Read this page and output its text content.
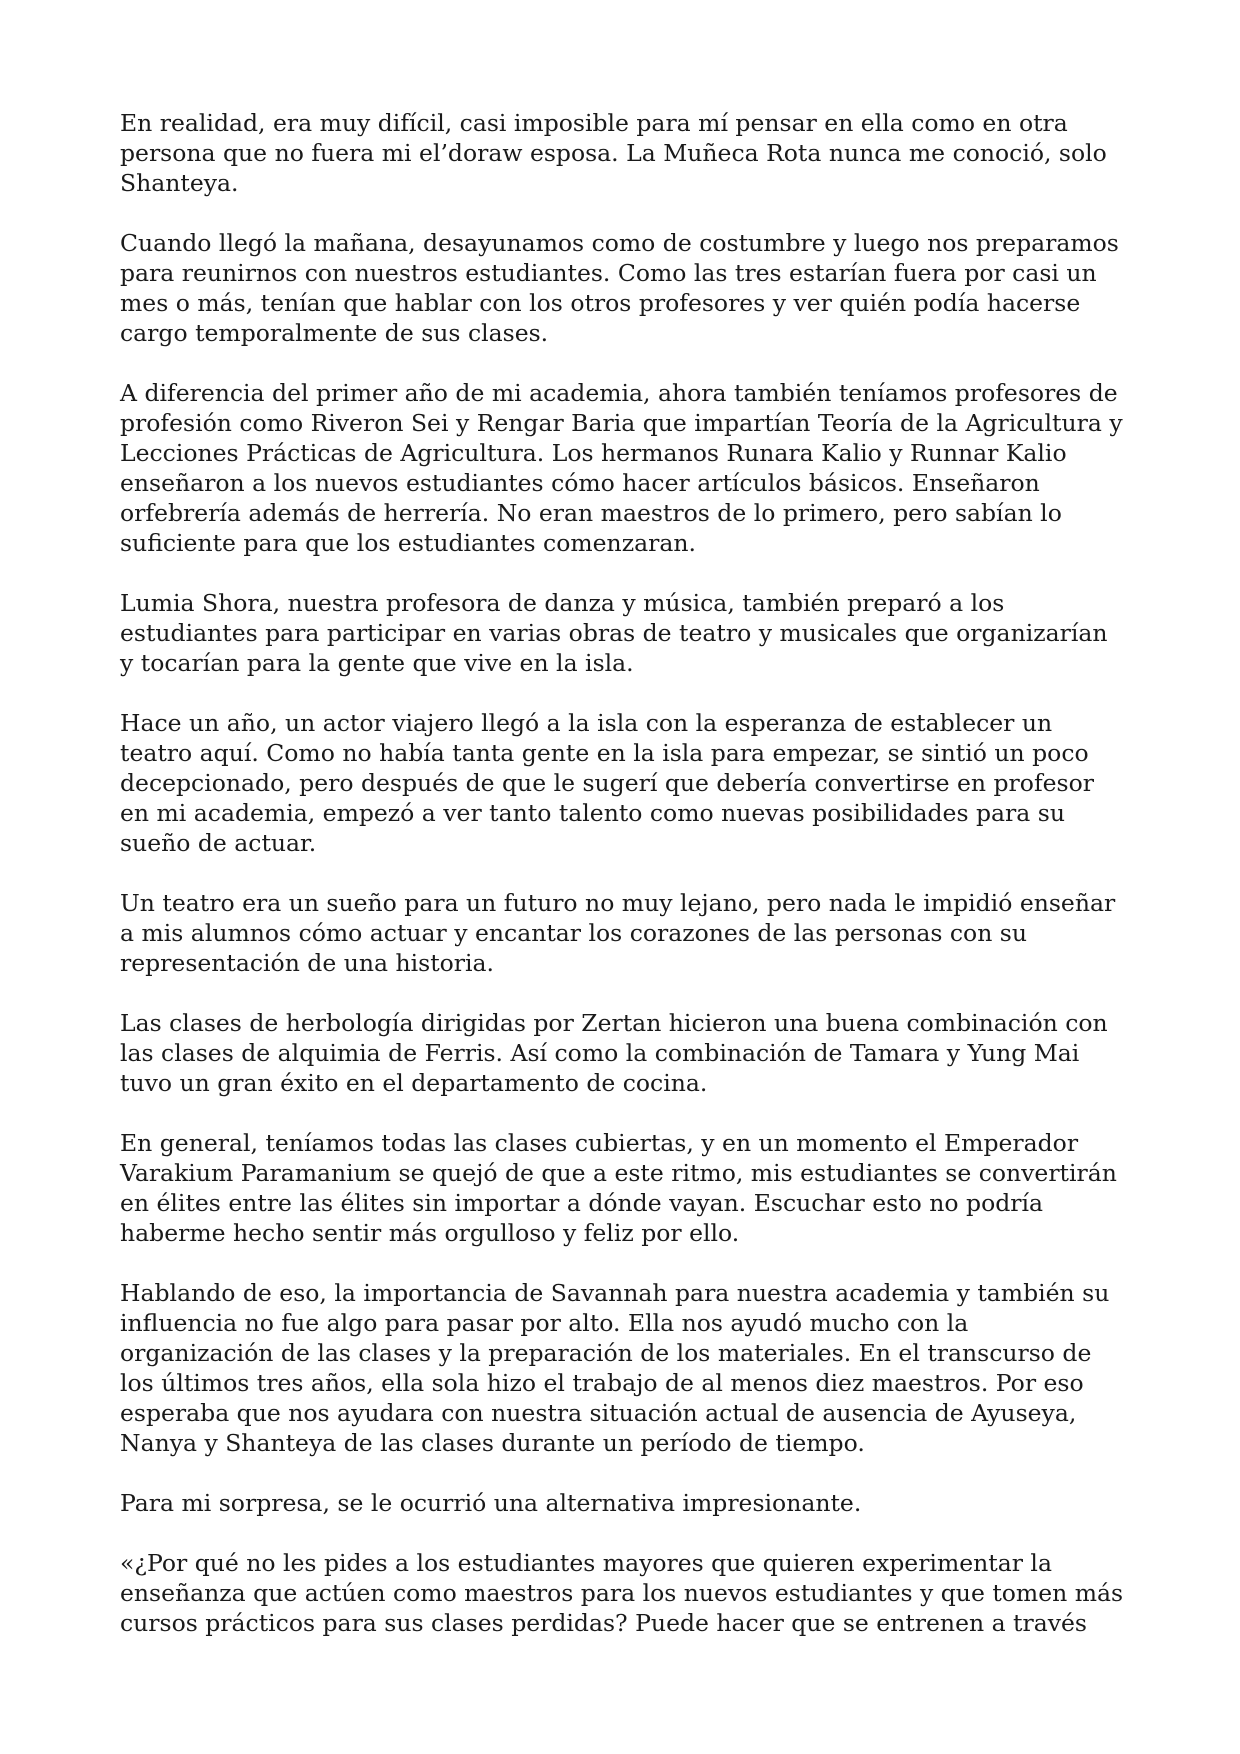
En realidad, era muy difícil, casi imposible para mí pensar en ella como en otra persona que no fuera mi el’doraw esposa. La Muñeca Rota nunca me conoció, solo Shanteya.

Cuando llegó la mañana, desayunamos como de costumbre y luego nos preparamos para reunirnos con nuestros estudiantes. Como las tres estarían fuera por casi un mes o más, tenían que hablar con los otros profesores y ver quién podía hacerse cargo temporalmente de sus clases.

A diferencia del primer año de mi academia, ahora también teníamos profesores de profesión como Riveron Sei y Rengar Baria que impartían Teoría de la Agricultura y Lecciones Prácticas de Agricultura. Los hermanos Runara Kalio y Runnar Kalio enseñaron a los nuevos estudiantes cómo hacer artículos básicos. Enseñaron orfebrería además de herrería. No eran maestros de lo primero, pero sabían lo suficiente para que los estudiantes comenzaran.

Lumia Shora, nuestra profesora de danza y música, también preparó a los estudiantes para participar en varias obras de teatro y musicales que organizarían y tocarían para la gente que vive en la isla.

Hace un año, un actor viajero llegó a la isla con la esperanza de establecer un teatro aquí. Como no había tanta gente en la isla para empezar, se sintió un poco decepcionado, pero después de que le sugerí que debería convertirse en profesor en mi academia, empezó a ver tanto talento como nuevas posibilidades para su sueño de actuar.

Un teatro era un sueño para un futuro no muy lejano, pero nada le impidió enseñar a mis alumnos cómo actuar y encantar los corazones de las personas con su representación de una historia.

Las clases de herbología dirigidas por Zertan hicieron una buena combinación con las clases de alquimia de Ferris. Así como la combinación de Tamara y Yung Mai tuvo un gran éxito en el departamento de cocina.

En general, teníamos todas las clases cubiertas, y en un momento el Emperador Varakium Paramanium se quejó de que a este ritmo, mis estudiantes se convertirán en élites entre las élites sin importar a dónde vayan. Escuchar esto no podría haberme hecho sentir más orgulloso y feliz por ello.

Hablando de eso, la importancia de Savannah para nuestra academia y también su influencia no fue algo para pasar por alto. Ella nos ayudó mucho con la organización de las clases y la preparación de los materiales. En el transcurso de los últimos tres años, ella sola hizo el trabajo de al menos diez maestros. Por eso esperaba que nos ayudara con nuestra situación actual de ausencia de Ayuseya, Nanya y Shanteya de las clases durante un período de tiempo.

Para mi sorpresa, se le ocurrió una alternativa impresionante.

«¿Por qué no les pides a los estudiantes mayores que quieren experimentar la enseñanza que actúen como maestros para los nuevos estudiantes y que tomen más cursos prácticos para sus clases perdidas? Puede hacer que se entrenen a través
